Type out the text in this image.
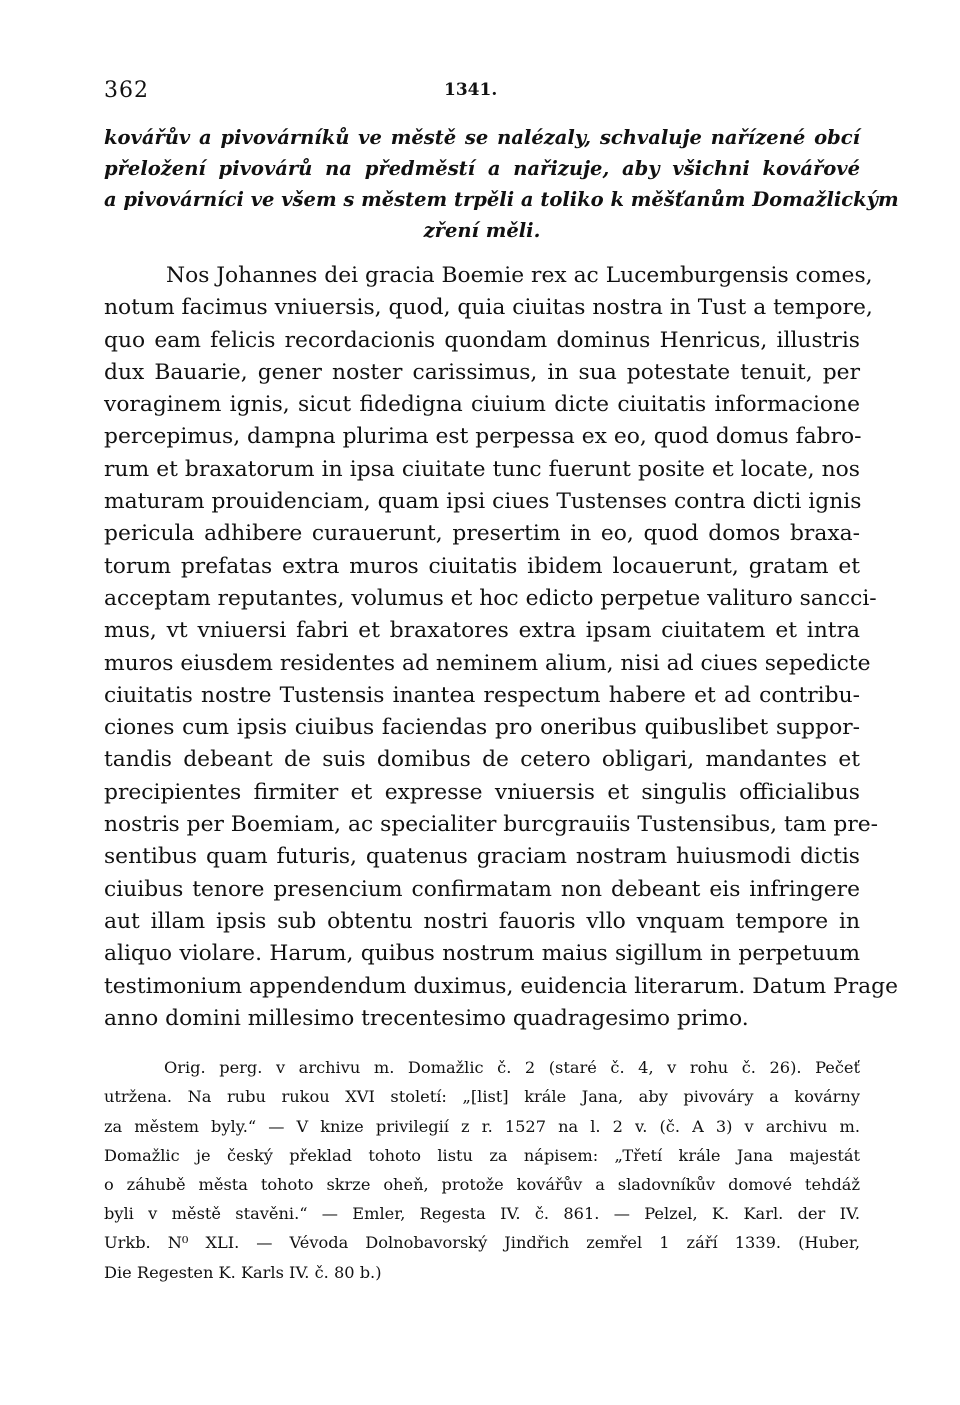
362	1341.
kovářův a pivovárníků ve městě se nalézaly, schvaluje nařízené obcí
přeložení pivovárů na předměstí a nařizuje, aby všichni kovářové
a pivovárníci ve všem s městem trpěli a toliko k měšťanům Domažlickým
zření měli.
Nos Johannes dei gracia Boemie rex ac Lucemburgensis comes,
notum facimus vniuersis, quod, quia ciuitas nostra in Tust a tempore,
quo eam felicis recordacionis quondam dominus Henricus, illustris
dux Bauarie, gener noster carissimus, in sua potestate tenuit, per
voraginem ignis, sicut fidedigna ciuium dicte ciuitatis informacione
percepimus, dampna plurima est perpessa ex eo, quod domus fabro-
rum et braxatorum in ipsa ciuitate tunc fuerunt posite et locate, nos
maturam prouidenciam, quam ipsi ciues Tustenses contra dicti ignis
pericula adhibere curauerunt, presertim in eo, quod domos braxa-
torum prefatas extra muros ciuitatis ibidem locauerunt, gratam et
acceptam reputantes, volumus et hoc edicto perpetue valituro sancci-
mus, vt vniuersi fabri et braxatores extra ipsam ciuitatem et intra
muros eiusdem residentes ad neminem alium, nisi ad ciues sepedicte
ciuitatis nostre Tustensis inantea respectum habere et ad contribu-
ciones cum ipsis ciuibus faciendas pro oneribus quibuslibet suppor-
tandis debeant de suis domibus de cetero obligari, mandantes et
precipientes firmiter et expresse vniuersis et singulis officialibus
nostris per Boemiam, ac specialiter burcgrauiis Tustensibus, tam pre-
sentibus quam futuris, quatenus graciam nostram huiusmodi dictis
ciuibus tenore presencium confirmatam non debeant eis infringere
aut illam ipsis sub obtentu nostri fauoris vllo vnquam tempore in
aliquo violare. Harum, quibus nostrum maius sigillum in perpetuum
testimonium appendendum duximus, euidencia literarum. Datum Prage
anno domini millesimo trecentesimo quadragesimo primo.
Orig. perg. v archivu m. Domažlic č. 2 (staré č. 4, v rohu č. 26). Pečeť
utržena. Na rubu rukou XVI století: „[list] krále Jana, aby pivováry a kovárny
za městem byly.“ — V knize privilegií z r. 1527 na l. 2 v. (č. A 3) v archivu m.
Domažlic je český překlad tohoto listu za nápisem: „Třetí krále Jana majestát
o záhubě města tohoto skrze oheň, protože kovářův a sladovníkův domové tehdáž
byli v městě stavěni.“ — Emler, Regesta IV. č. 861. — Pelzel, K. Karl. der IV.
Urkb. N⁰ XLI. — Vévoda Dolnobavorský Jindřich zemřel 1 září 1339. (Huber,
Die Regesten K. Karls IV. č. 80 b.)
